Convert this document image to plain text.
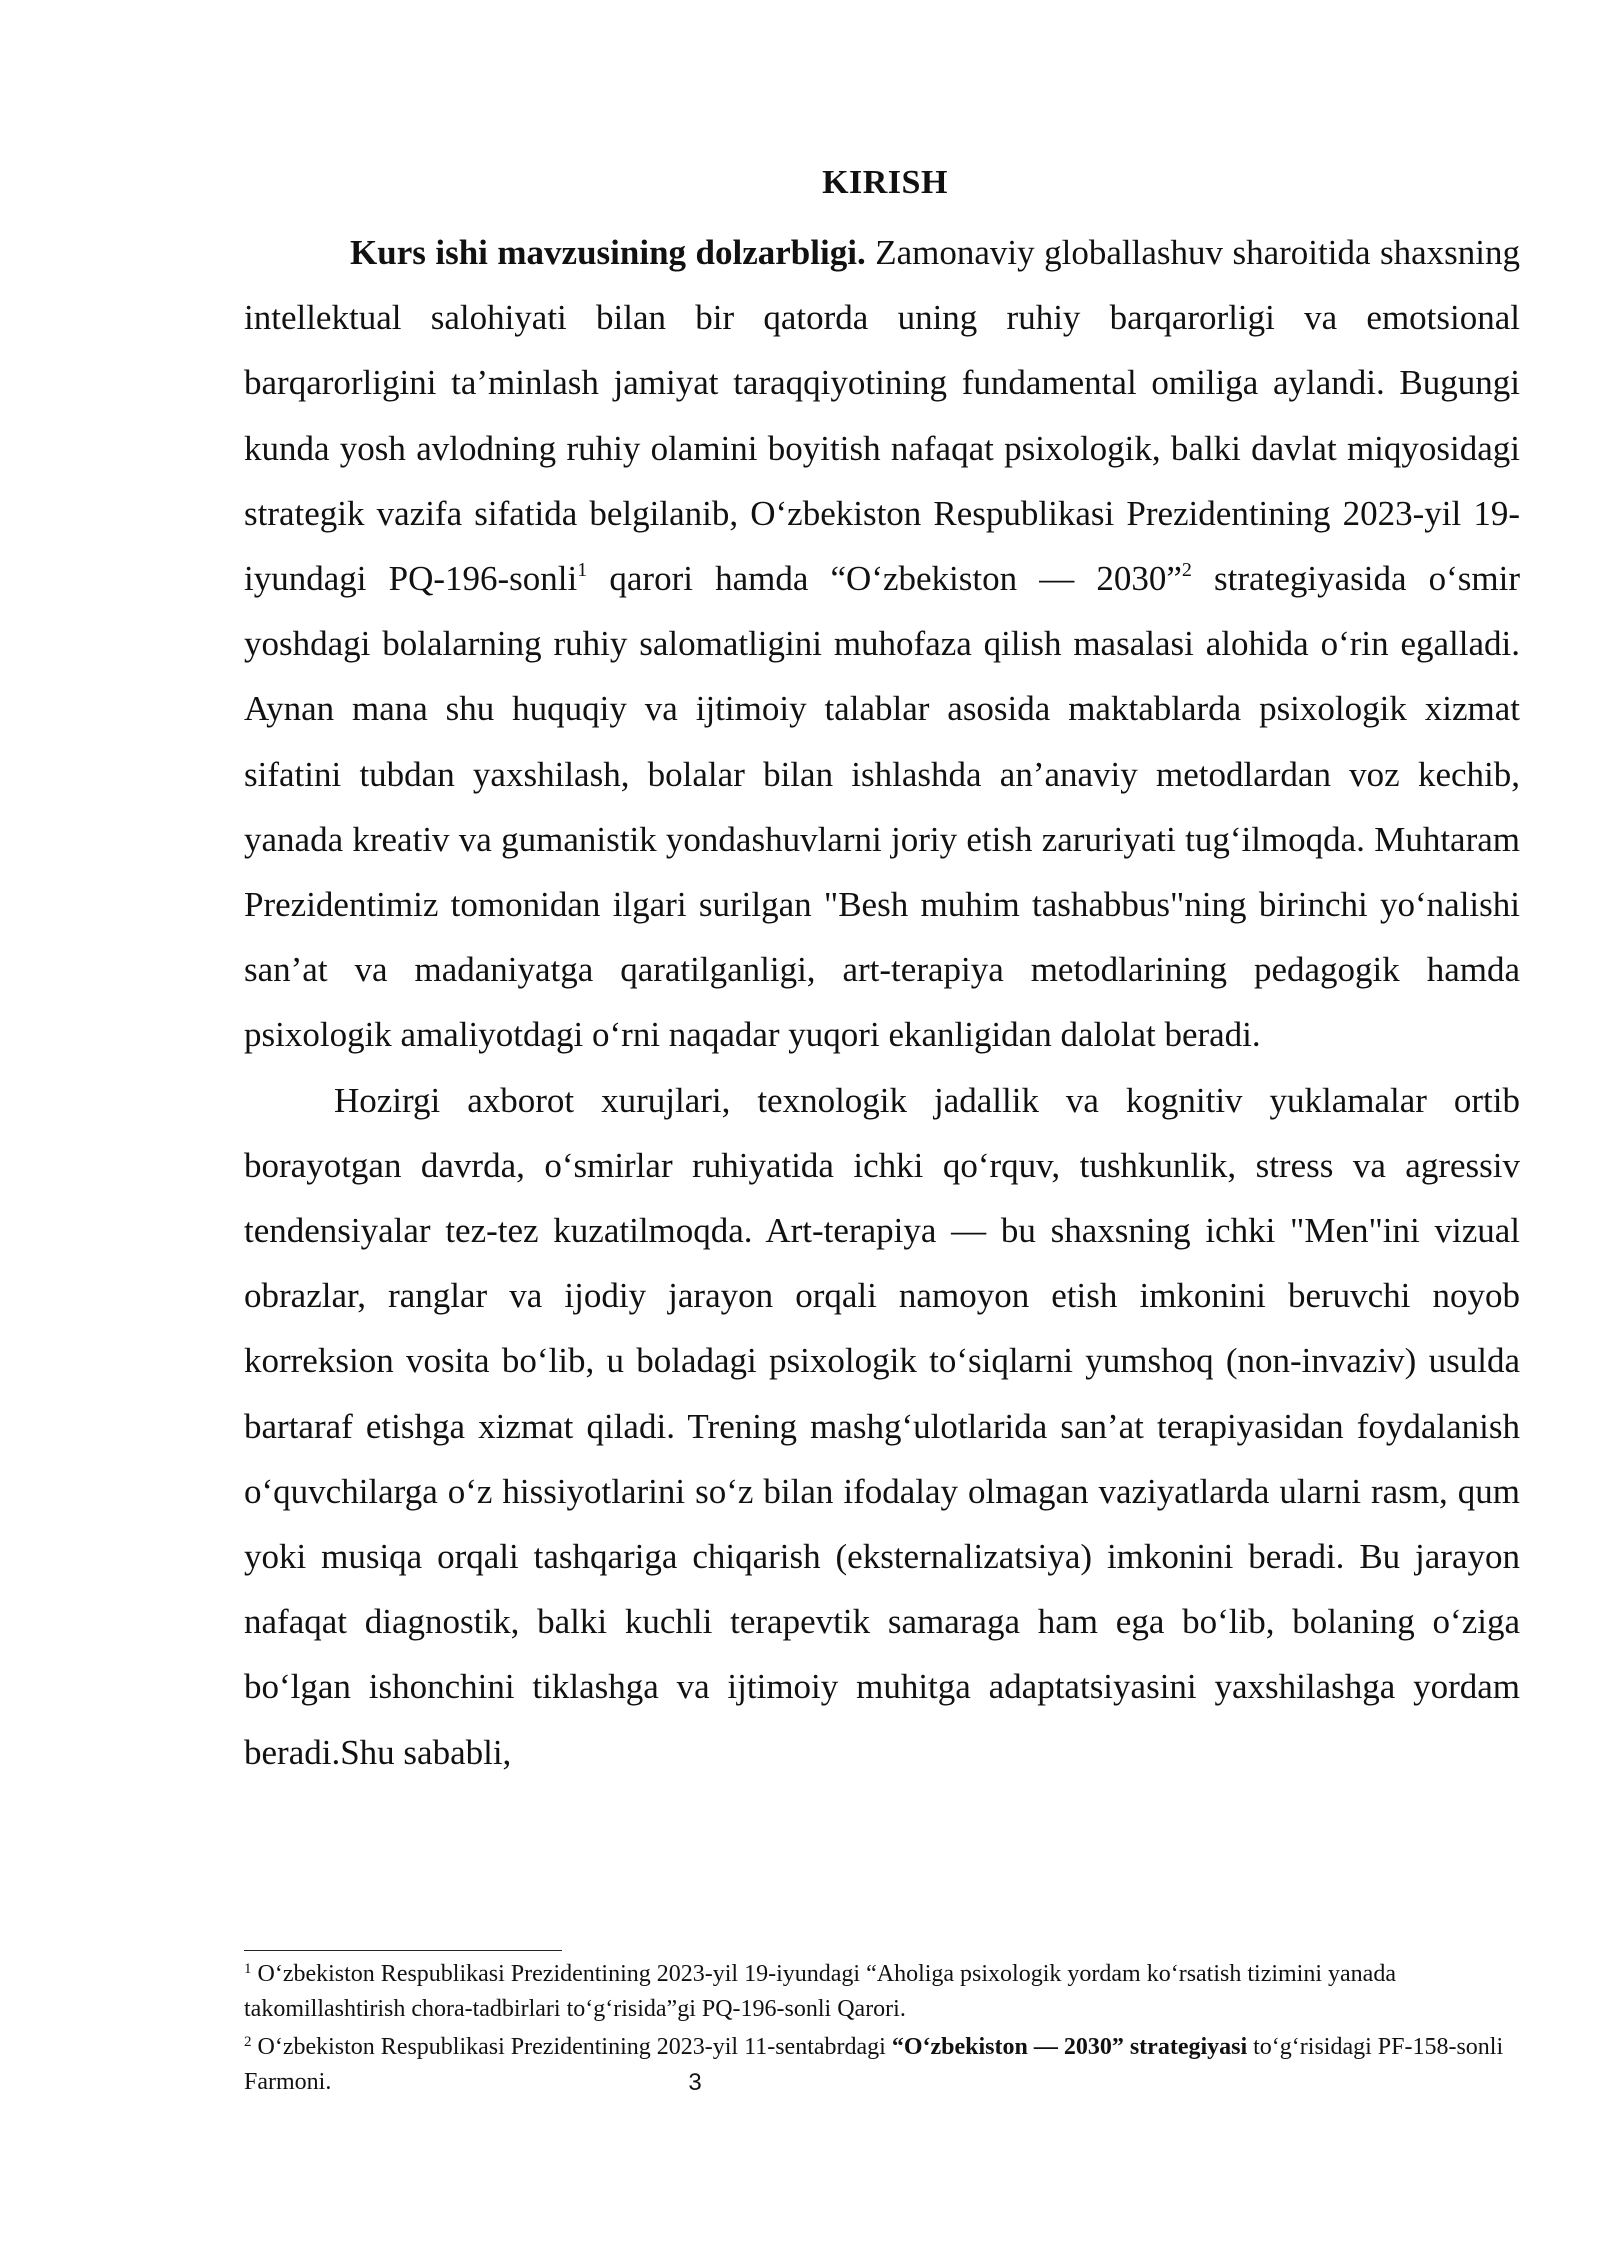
KIRISH

Kurs ishi mavzusining dolzarbligi. Zamonaviy globallashuv sharoitida shaxsning intellektual salohiyati bilan bir qatorda uning ruhiy barqarorligi va emotsional barqarorligini ta’minlash jamiyat taraqqiyotining fundamental omiliga aylandi. Bugungi kunda yosh avlodning ruhiy olamini boyitish nafaqat psixologik, balki davlat miqyosidagi strategik vazifa sifatida belgilanib, O‘zbekiston Respublikasi Prezidentining 2023-yil 19-iyundagi PQ-196-sonli$^1$ qarori hamda “O‘zbekiston — 2030”$^2$ strategiyasida o‘smir yoshdagi bolalarning ruhiy salomatligini muhofaza qilish masalasi alohida o‘rin egalladi. Aynan mana shu huquqiy va ijtimoiy talablar asosida maktablarda psixologik xizmat sifatini tubdan yaxshilash, bolalar bilan ishlashda an’anaviy metodlardan voz kechib, yanada kreativ va gumanistik yondashuvlarni joriy etish zaruriyati tug‘ilmoqda. Muhtaram Prezidentimiz tomonidan ilgari surilgan "Besh muhim tashabbus"ning birinchi yo‘nalishi san’at va madaniyatga qaratilganligi, art-terapiya metodlarining pedagogik hamda psixologik amaliyotdagi o‘rni naqadar yuqori ekanligidan dalolat beradi.

Hozirgi axborot xurujlari, texnologik jadallik va kognitiv yuklamalar ortib borayotgan davrda, o‘smirlar ruhiyatida ichki qo‘rquv, tushkunlik, stress va agressiv tendensiyalar tez-tez kuzatilmoqda. Art-terapiya — bu shaxsning ichki "Men"ini vizual obrazlar, ranglar va ijodiy jarayon orqali namoyon etish imkonini beruvchi noyob korreksion vosita bo‘lib, u boladagi psixologik to‘siqlarni yumshoq (non-invaziv) usulda bartaraf etishga xizmat qiladi. Trening mashg‘ulotlarida san’at terapiyasidan foydalanish o‘quvchilarga o‘z hissiyotlarini so‘z bilan ifodalay olmagan vaziyatlarda ularni rasm, qum yoki musiqa orqali tashqariga chiqarish (eksternalizatsiya) imkonini beradi. Bu jarayon nafaqat diagnostik, balki kuchli terapevtik samaraga ham ega bo‘lib, bolaning o‘ziga bo‘lgan ishonchini tiklashga va ijtimoiy muhitga adaptatsiyasini yaxshilashga yordam beradi.Shu sababli,

$^1$ O‘zbekiston Respublikasi Prezidentining 2023-yil 19-iyundagi “Aholiga psixologik yordam ko‘rsatish tizimini yanada takomillashtirish chora-tadbirlari to‘g‘risida”gi PQ-196-sonli Qarori.

$^2$ O‘zbekiston Respublikasi Prezidentining 2023-yil 11-sentabrdagi “O‘zbekiston — 2030” strategiyasi to‘g‘risidagi PF-158-sonli Farmoni.	3
